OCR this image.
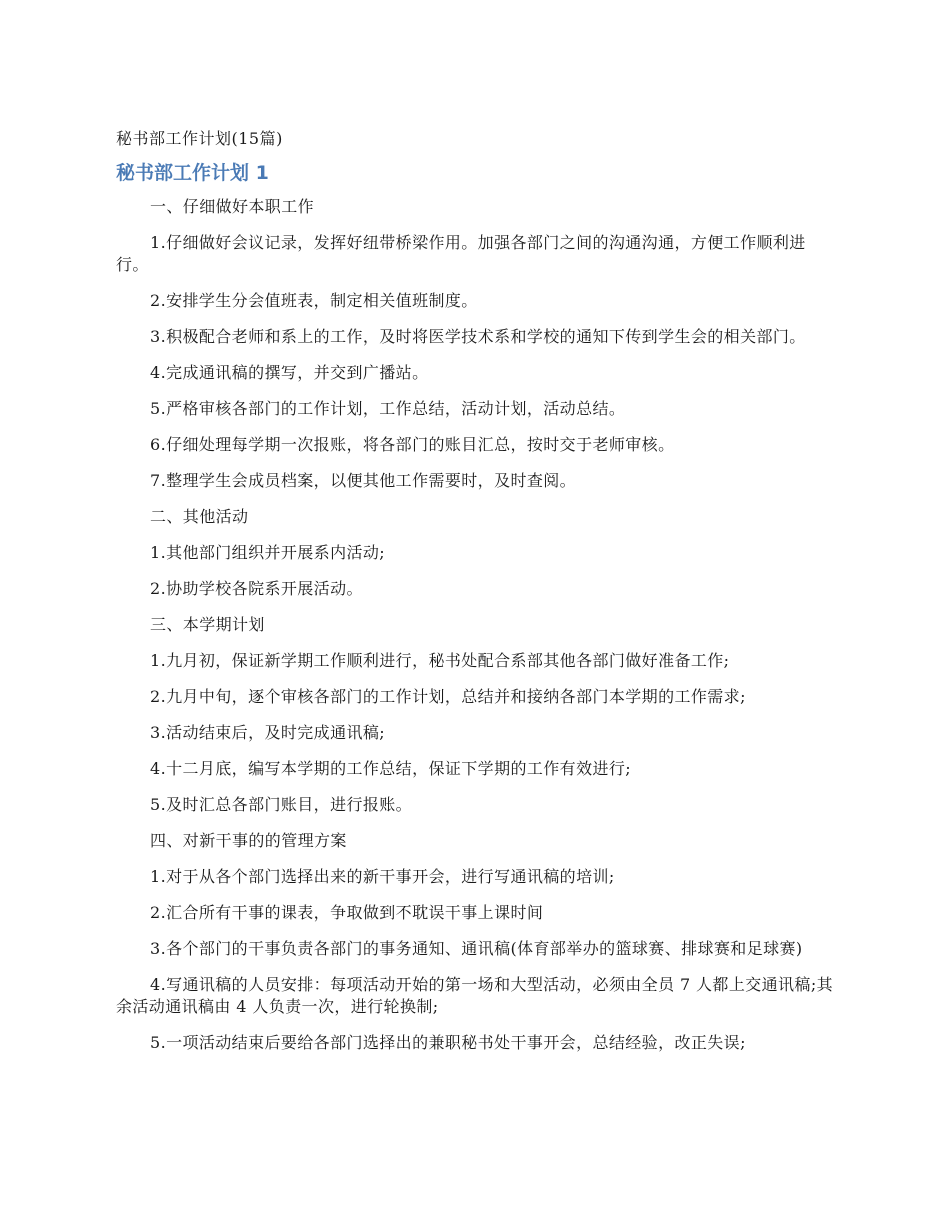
秘书部工作计划(15篇)
秘书部工作计划 1

一、仔细做好本职工作

1.仔细做好会议记录，发挥好纽带桥梁作用。加强各部门之间的沟通沟通，方便工作顺利进行。

2.安排学生分会值班表，制定相关值班制度。

3.积极配合老师和系上的工作，及时将医学技术系和学校的通知下传到学生会的相关部门。

4.完成通讯稿的撰写，并交到广播站。

5.严格审核各部门的工作计划，工作总结，活动计划，活动总结。

6.仔细处理每学期一次报账，将各部门的账目汇总，按时交于老师审核。

7.整理学生会成员档案，以便其他工作需要时，及时查阅。

二、其他活动

1.其他部门组织并开展系内活动;

2.协助学校各院系开展活动。

三、本学期计划

1.九月初，保证新学期工作顺利进行，秘书处配合系部其他各部门做好准备工作;

2.九月中旬，逐个审核各部门的工作计划，总结并和接纳各部门本学期的工作需求;

3.活动结束后，及时完成通讯稿;

4.十二月底，编写本学期的工作总结，保证下学期的工作有效进行;

5.及时汇总各部门账目，进行报账。

四、对新干事的的管理方案

1.对于从各个部门选择出来的新干事开会，进行写通讯稿的培训;

2.汇合所有干事的课表，争取做到不耽误干事上课时间

3.各个部门的干事负责各部门的事务通知、通讯稿(体育部举办的篮球赛、排球赛和足球赛)

4.写通讯稿的人员安排：每项活动开始的第一场和大型活动，必须由全员 7 人都上交通讯稿;其余活动通讯稿由 4 人负责一次，进行轮换制;

5.一项活动结束后要给各部门选择出的兼职秘书处干事开会，总结经验，改正失误;
